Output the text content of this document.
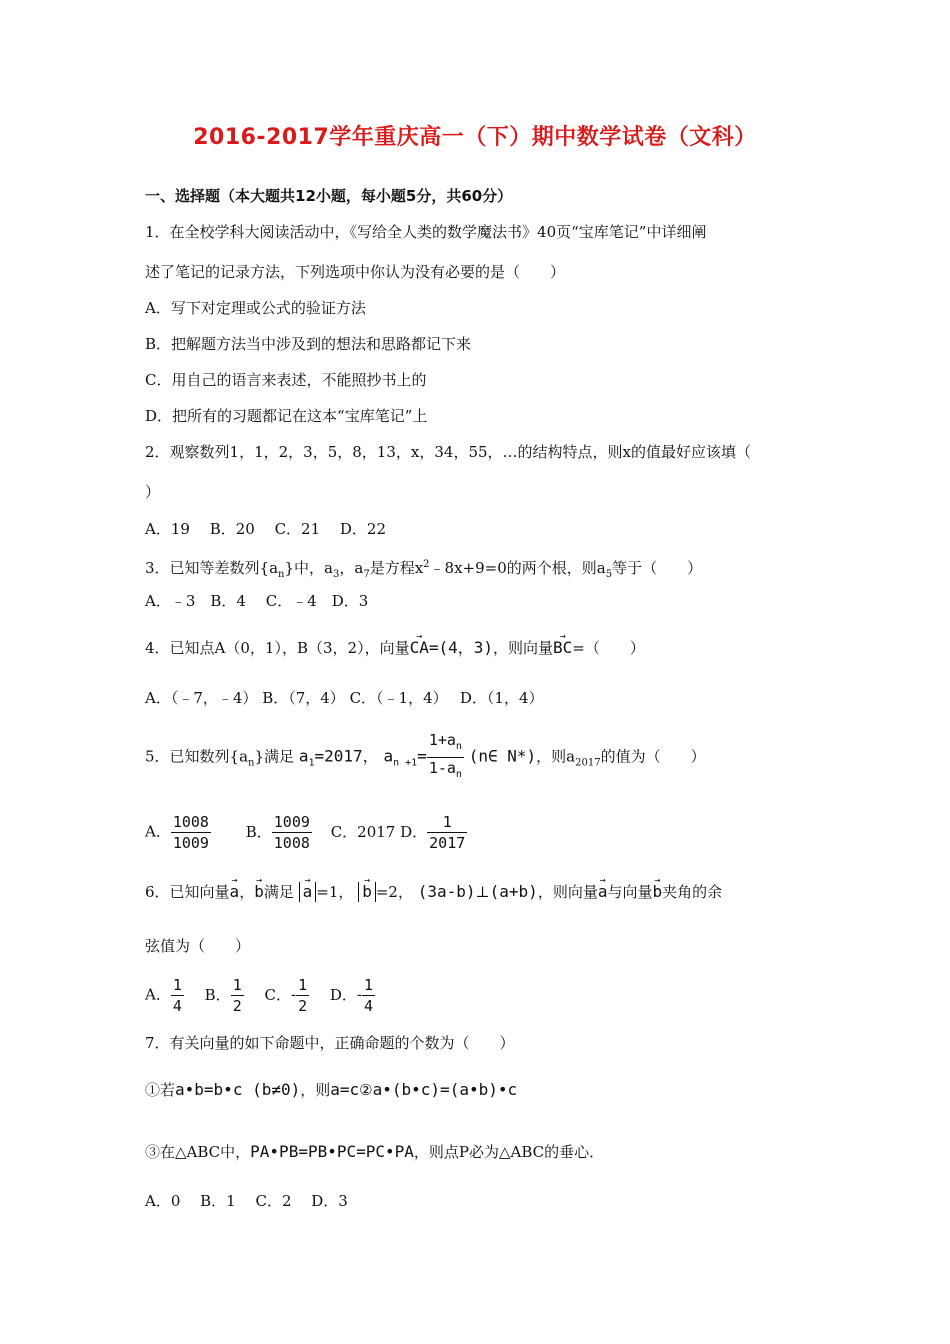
2016-2017学年重庆高一（下）期中数学试卷（文科）
一、选择题（本大题共12小题，每小题5分，共60分）
1．在全校学科大阅读活动中，《写给全人类的数学魔法书》40页“宝库笔记”中详细阐
述了笔记的记录方法，下列选项中你认为没有必要的是（　　）
A．写下对定理或公式的验证方法
B．把解题方法当中涉及到的想法和思路都记下来
C．用自己的语言来表述，不能照抄书上的
D．把所有的习题都记在这本“宝库笔记”上
2．观察数列1，1，2，3，5，8，13，x，34，55，…的结构特点，则x的值最好应该填（
）
A．19　 B．20　 C．21　 D．22
3．已知等差数列$\{a_n\}$中，$a_3$，$a_7$是方程$x^2﹣8x+9=0$的两个根，则$a_5$等于（　　）
A．﹣3　B．4　 C．﹣4　D．3
4．已知点A（0，1），B（3，2），向量→ CA=(4，3)，则向量→ BC=（　　）
A．（﹣7，﹣4） B．（7，4） C．（﹣1，4）　 D．（1，4）
5．已知数列$\{a_n\}$满足 $a_1=2017$， $a_{n +1}= \frac{1+a_n}{1-a_n}$ (n∈ N*)，则$a_{2017}$的值为（　　）
A． $\frac{1008}{1009}$ B． $\frac{1009}{1008}$ C．2017 D． $\frac{1}{2017}$
6．已知向量→ a，→ b满足 → a =1， → b =2， (3a-b)⊥(a+b)，则向量→ a与向量→ b夹角的余
弦值为（　　）
A． $\frac{1}{4}$ B． $\frac{1}{2}$ C．- $\frac{1}{2}$ D．- $\frac{1}{4}$
7．有关向量的如下命题中，正确命题的个数为（　　）
①若a•b=b•c (b≠0)，则a=c②a•(b•c)=(a•b)•c
③在△ABC中，PA•PB=PB•PC=PC•PA，则点P必为△ABC的垂心．
A．0　 B．1　 C．2　 D．3
